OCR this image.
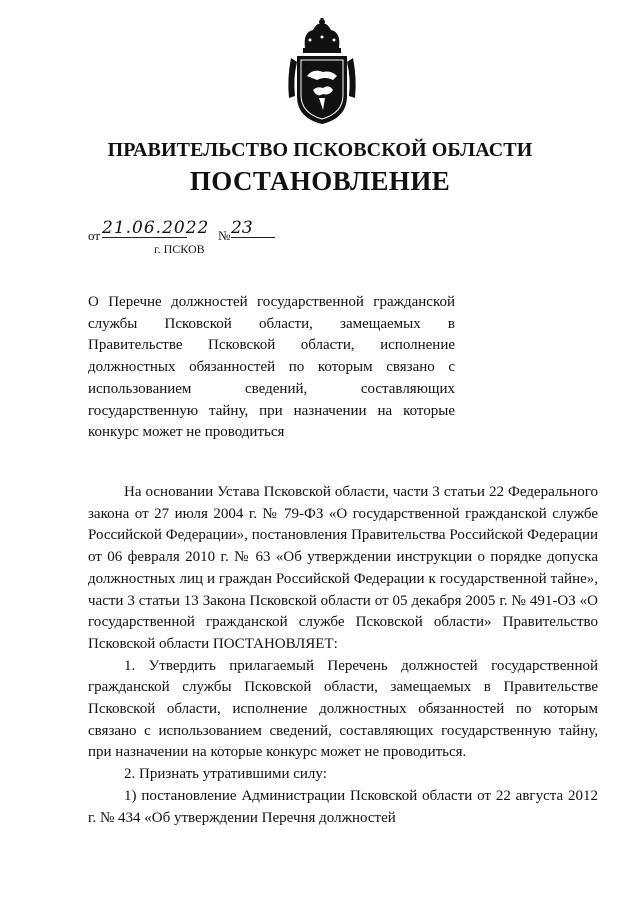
ПРАВИТЕЛЬСТВО ПСКОВСКОЙ ОБЛАСТИ
ПОСТАНОВЛЕНИЕ
от 21.06.2022 № 23
г. ПСКОВ
О Перечне должностей государственной гражданской службы Псковской области, замещаемых в Правительстве Псковской области, исполнение должностных обязанностей по которым связано с использованием сведений, составляющих государственную тайну, при назначении на которые конкурс может не проводиться

На основании Устава Псковской области, части 3 статьи 22 Федерального закона от 27 июля 2004 г. № 79-ФЗ «О государственной гражданской службе Российской Федерации», постановления Правительства Российской Федерации от 06 февраля 2010 г. № 63 «Об утверждении инструкции о порядке допуска должностных лиц и граждан Российской Федерации к государственной тайне», части 3 статьи 13 Закона Псковской области от 05 декабря 2005 г. № 491-ОЗ «О государственной гражданской службе Псковской области» Правительство Псковской области ПОСТАНОВЛЯЕТ:

1. Утвердить прилагаемый Перечень должностей государственной гражданской службы Псковской области, замещаемых в Правительстве Псковской области, исполнение должностных обязанностей по которым связано с использованием сведений, составляющих государственную тайну, при назначении на которые конкурс может не проводиться.

2. Признать утратившими силу:

1) постановление Администрации Псковской области от 22 августа 2012 г. № 434 «Об утверждении Перечня должностей
